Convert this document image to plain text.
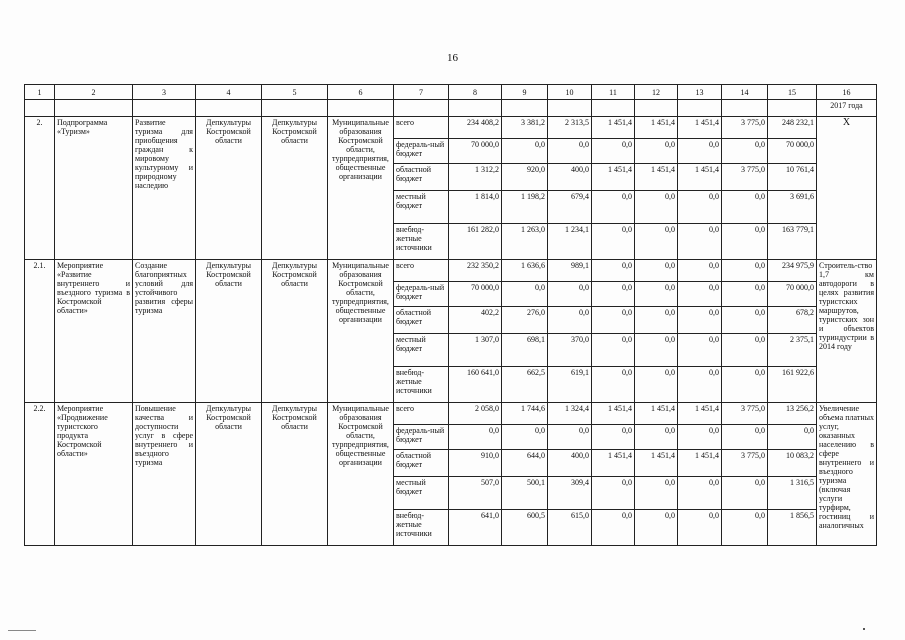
16
1	2	3	4	5	6	7	8	9	10	11	12	13	14	15	16
															2017 года
2.	Подпрограмма «Туризм»	Развитие туризма для приобщения граждан к мировому культурному и природному наследию	Депкультуры Костромской области	Депкультуры Костромской области	Муниципальные образования Костромской области, турпредприятия, общественные организации	всего	234 408,2	3 381,2	2 313,5	1 451,4	1 451,4	1 451,4	3 775,0	248 232,1	Х
						федераль-ный бюджет	70 000,0	0,0	0,0	0,0	0,0	0,0	0,0	70 000,0	
						областной бюджет	1 312,2	920,0	400,0	1 451,4	1 451,4	1 451,4	3 775,0	10 761,4	
						местный бюджет	1 814,0	1 198,2	679,4	0,0	0,0	0,0	0,0	3 691,6	
						внебюд-жетные источники	161 282,0	1 263,0	1 234,1	0,0	0,0	0,0	0,0	163 779,1	
2.1.	Мероприятие «Развитие внутреннего и въездного туризма в Костромской области»	Создание благоприятных условий для устойчивого развития сферы туризма	Депкультуры Костромской области	Депкультуры Костромской области	Муниципальные образования Костромской области, турпредприятия, общественные организации	всего	232 350,2	1 636,6	989,1	0,0	0,0	0,0	0,0	234 975,9	Строитель-ство 1,7 км автодороги в целях развития туристских маршрутов, туристских зон и объектов туриндустрии в 2014 году
						федераль-ный бюджет	70 000,0	0,0	0,0	0,0	0,0	0,0	0,0	70 000,0	
						областной бюджет	402,2	276,0	0,0	0,0	0,0	0,0	0,0	678,2	
						местный бюджет	1 307,0	698,1	370,0	0,0	0,0	0,0	0,0	2 375,1	
						внебюд-жетные источники	160 641,0	662,5	619,1	0,0	0,0	0,0	0,0	161 922,6	
2.2.	Мероприятие «Продвижение туристского продукта Костромской области»	Повышение качества и доступности услуг в сфере внутреннего и въездного туризма	Депкультуры Костромской области	Депкультуры Костромской области	Муниципальные образования Костромской области, турпредприятия, общественные организации	всего	2 058,0	1 744,6	1 324,4	1 451,4	1 451,4	1 451,4	3 775,0	13 256,2	Увеличение объема платных услуг, оказанных населению в сфере внутреннего и въездного туризма (включая услуги турфирм, гостиниц и аналогичных
						федераль-ный бюджет	0,0	0,0	0,0	0,0	0,0	0,0	0,0	0,0	
						областной бюджет	910,0	644,0	400,0	1 451,4	1 451,4	1 451,4	3 775,0	10 083,2	
						местный бюджет	507,0	500,1	309,4	0,0	0,0	0,0	0,0	1 316,5	
						внебюд-жетные источники	641,0	600,5	615,0	0,0	0,0	0,0	0,0	1 856,5	
